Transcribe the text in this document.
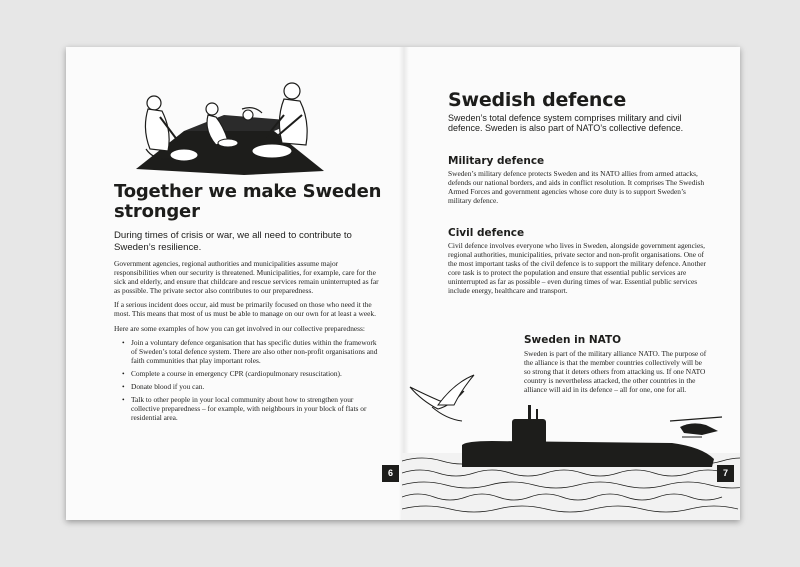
Together we make Sweden stronger
During times of crisis or war, we all need to contribute to Sweden’s resilience.

Government agencies, regional authorities and municipalities assume major responsibilities when our security is threatened. Municipalities, for example, care for the sick and elderly, and ensure that childcare and rescue services remain uninterrupted as far as possible. The private sector also contributes to our preparedness.

If a serious incident does occur, aid must be primarily focused on those who need it the most. This means that most of us must be able to manage on our own for at least a week.

Here are some examples of how you can get involved in our collective preparedness:

• Join a voluntary defence organisation that has specific duties within the framework of Sweden’s total defence system. There are also other non-profit organisations and faith communities that play important roles.
• Complete a course in emergency CPR (cardiopulmonary resuscitation).
• Donate blood if you can.
• Talk to other people in your local community about how to strengthen your collective preparedness – for example, with neighbours in your block of flats or residential area.
Swedish defence
Sweden’s total defence system comprises military and civil defence. Sweden is also part of NATO’s collective defence.
Military defence
Sweden’s military defence protects Sweden and its NATO allies from armed attacks, defends our national borders, and aids in conflict resolution. It comprises The Swedish Armed Forces and government agencies whose core duty is to support Sweden’s military defence.
Civil defence
Civil defence involves everyone who lives in Sweden, alongside government agencies, regional authorities, municipalities, private sector and non-profit organisations. One of the most important tasks of the civil defence is to support the military defence. Another core task is to protect the population and ensure that essential public services are uninterrupted as far as possible – even during times of war. Essential public services include energy, healthcare and transport.
Sweden in NATO
Sweden is part of the military alliance NATO. The purpose of the alliance is that the member countries collectively will be so strong that it deters others from attacking us. If one NATO country is nevertheless attacked, the other countries in the alliance will aid in its defence – all for one, one for all.
6	7
